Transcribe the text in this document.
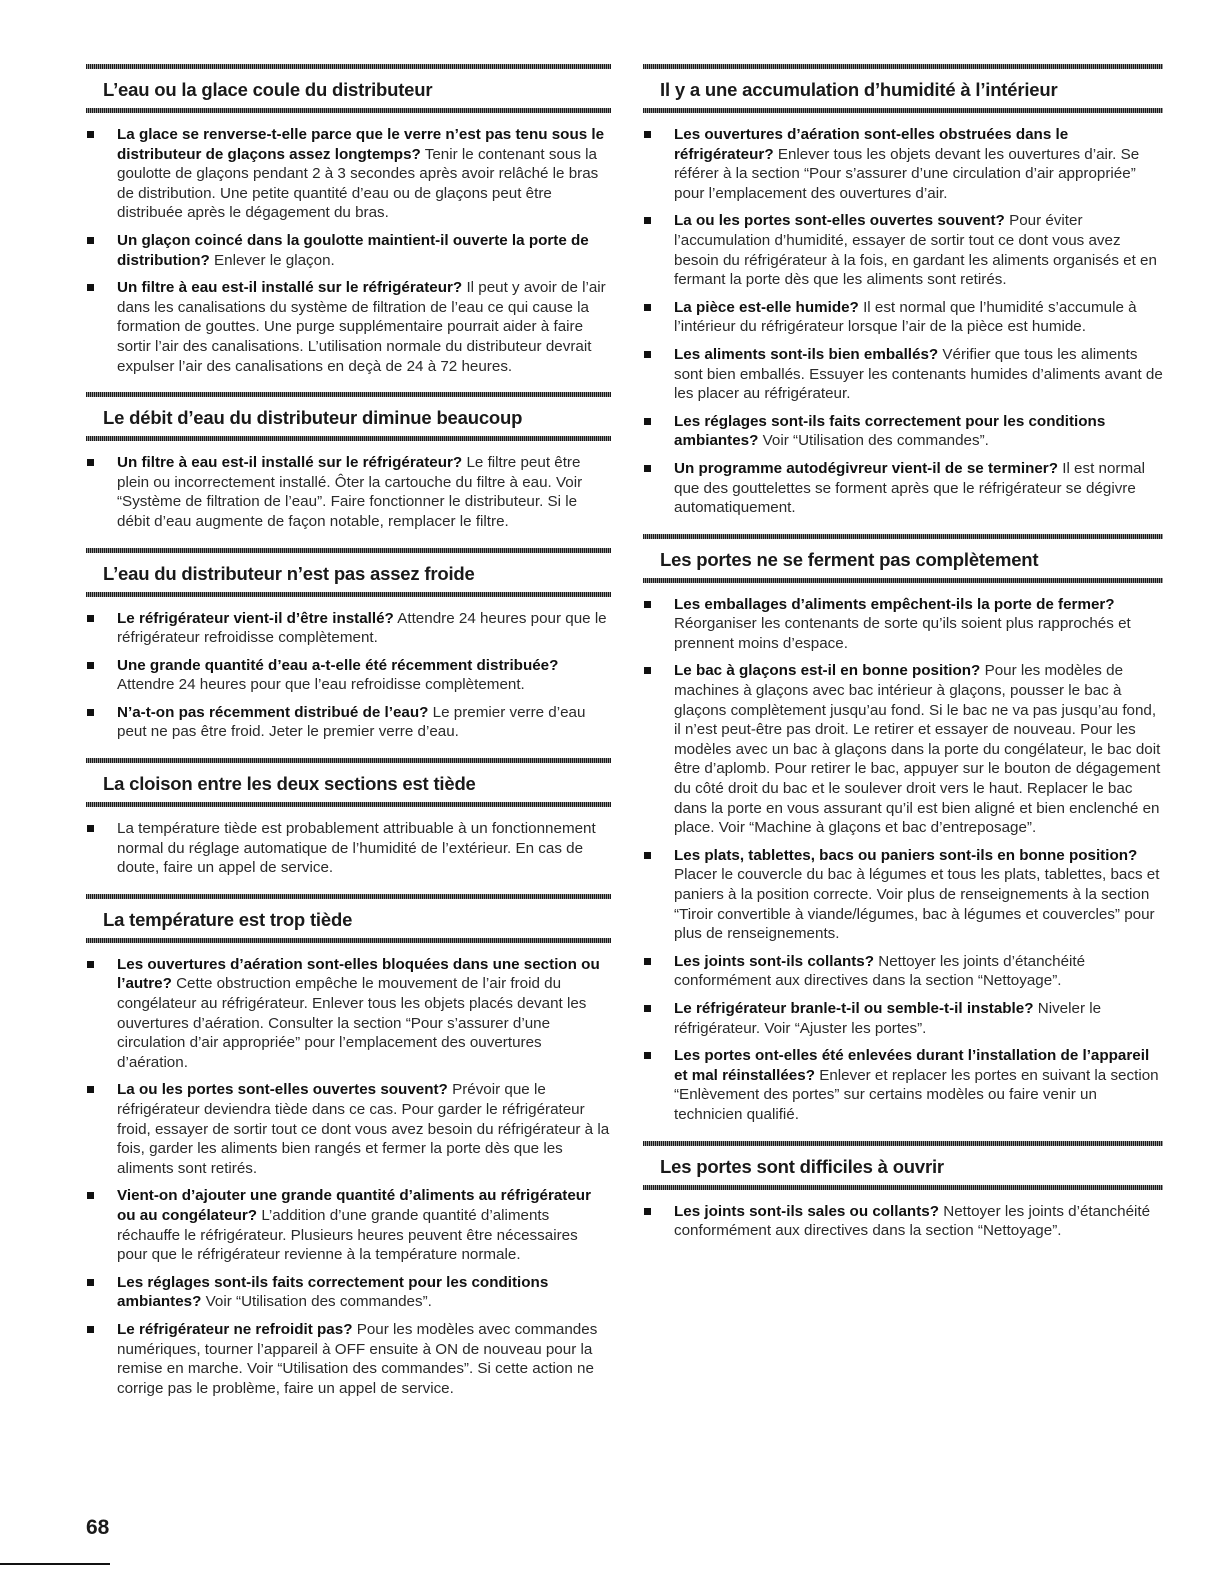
L’eau ou la glace coule du distributeur
La glace se renverse-t-elle parce que le verre n’est pas tenu sous le distributeur de glaçons assez longtemps? Tenir le contenant sous la goulotte de glaçons pendant 2 à 3 secondes après avoir relâché le bras de distribution. Une petite quantité d’eau ou de glaçons peut être distribuée après le dégagement du bras.
Un glaçon coincé dans la goulotte maintient-il ouverte la porte de distribution? Enlever le glaçon.
Un filtre à eau est-il installé sur le réfrigérateur? Il peut y avoir de l’air dans les canalisations du système de filtration de l’eau ce qui cause la formation de gouttes. Une purge supplémentaire pourrait aider à faire sortir l’air des canalisations. L’utilisation normale du distributeur devrait expulser l’air des canalisations en deçà de 24 à 72 heures.
Le débit d’eau du distributeur diminue beaucoup
Un filtre à eau est-il installé sur le réfrigérateur? Le filtre peut être plein ou incorrectement installé. Ôter la cartouche du filtre à eau. Voir “Système de filtration de l’eau”. Faire fonctionner le distributeur. Si le débit d’eau augmente de façon notable, remplacer le filtre.
L’eau du distributeur n’est pas assez froide
Le réfrigérateur vient-il d’être installé? Attendre 24 heures pour que le réfrigérateur refroidisse complètement.
Une grande quantité d’eau a-t-elle été récemment distribuée? Attendre 24 heures pour que l’eau refroidisse complètement.
N’a-t-on pas récemment distribué de l’eau? Le premier verre d’eau peut ne pas être froid. Jeter le premier verre d’eau.
La cloison entre les deux sections est tiède
La température tiède est probablement attribuable à un fonctionnement normal du réglage automatique de l’humidité de l’extérieur. En cas de doute, faire un appel de service.
La température est trop tiède
Les ouvertures d’aération sont-elles bloquées dans une section ou l’autre? Cette obstruction empêche le mouvement de l’air froid du congélateur au réfrigérateur. Enlever tous les objets placés devant les ouvertures d’aération. Consulter la section “Pour s’assurer d’une circulation d’air appropriée” pour l’emplacement des ouvertures d’aération.
La ou les portes sont-elles ouvertes souvent? Prévoir que le réfrigérateur deviendra tiède dans ce cas. Pour garder le réfrigérateur froid, essayer de sortir tout ce dont vous avez besoin du réfrigérateur à la fois, garder les aliments bien rangés et fermer la porte dès que les aliments sont retirés.
Vient-on d’ajouter une grande quantité d’aliments au réfrigérateur ou au congélateur? L’addition d’une grande quantité d’aliments réchauffe le réfrigérateur. Plusieurs heures peuvent être nécessaires pour que le réfrigérateur revienne à la température normale.
Les réglages sont-ils faits correctement pour les conditions ambiantes? Voir “Utilisation des commandes”.
Le réfrigérateur ne refroidit pas? Pour les modèles avec commandes numériques, tourner l’appareil à OFF ensuite à ON de nouveau pour la remise en marche. Voir “Utilisation des commandes”. Si cette action ne corrige pas le problème, faire un appel de service.
Il y a une accumulation d’humidité à l’intérieur
Les ouvertures d’aération sont-elles obstruées dans le réfrigérateur? Enlever tous les objets devant les ouvertures d’air. Se référer à la section “Pour s’assurer d’une circulation d’air appropriée” pour l’emplacement des ouvertures d’air.
La ou les portes sont-elles ouvertes souvent? Pour éviter l’accumulation d’humidité, essayer de sortir tout ce dont vous avez besoin du réfrigérateur à la fois, en gardant les aliments organisés et en fermant la porte dès que les aliments sont retirés.
La pièce est-elle humide? Il est normal que l’humidité s’accumule à l’intérieur du réfrigérateur lorsque l’air de la pièce est humide.
Les aliments sont-ils bien emballés? Vérifier que tous les aliments sont bien emballés. Essuyer les contenants humides d’aliments avant de les placer au réfrigérateur.
Les réglages sont-ils faits correctement pour les conditions ambiantes? Voir “Utilisation des commandes”.
Un programme autodégivreur vient-il de se terminer? Il est normal que des gouttelettes se forment après que le réfrigérateur se dégivre automatiquement.
Les portes ne se ferment pas complètement
Les emballages d’aliments empêchent-ils la porte de fermer? Réorganiser les contenants de sorte qu’ils soient plus rapprochés et prennent moins d’espace.
Le bac à glaçons est-il en bonne position? Pour les modèles de machines à glaçons avec bac intérieur à glaçons, pousser le bac à glaçons complètement jusqu’au fond. Si le bac ne va pas jusqu’au fond, il n’est peut-être pas droit. Le retirer et essayer de nouveau. Pour les modèles avec un bac à glaçons dans la porte du congélateur, le bac doit être d’aplomb. Pour retirer le bac, appuyer sur le bouton de dégagement du côté droit du bac et le soulever droit vers le haut. Replacer le bac dans la porte en vous assurant qu’il est bien aligné et bien enclenché en place. Voir “Machine à glaçons et bac d’entreposage”.
Les plats, tablettes, bacs ou paniers sont-ils en bonne position? Placer le couvercle du bac à légumes et tous les plats, tablettes, bacs et paniers à la position correcte. Voir plus de renseignements à la section “Tiroir convertible à viande/légumes, bac à légumes et couvercles” pour plus de renseignements.
Les joints sont-ils collants? Nettoyer les joints d’étanchéité conformément aux directives dans la section “Nettoyage”.
Le réfrigérateur branle-t-il ou semble-t-il instable? Niveler le réfrigérateur. Voir “Ajuster les portes”.
Les portes ont-elles été enlevées durant l’installation de l’appareil et mal réinstallées? Enlever et replacer les portes en suivant la section “Enlèvement des portes” sur certains modèles ou faire venir un technicien qualifié.
Les portes sont difficiles à ouvrir
Les joints sont-ils sales ou collants? Nettoyer les joints d’étanchéité conformément aux directives dans la section “Nettoyage”.
68
